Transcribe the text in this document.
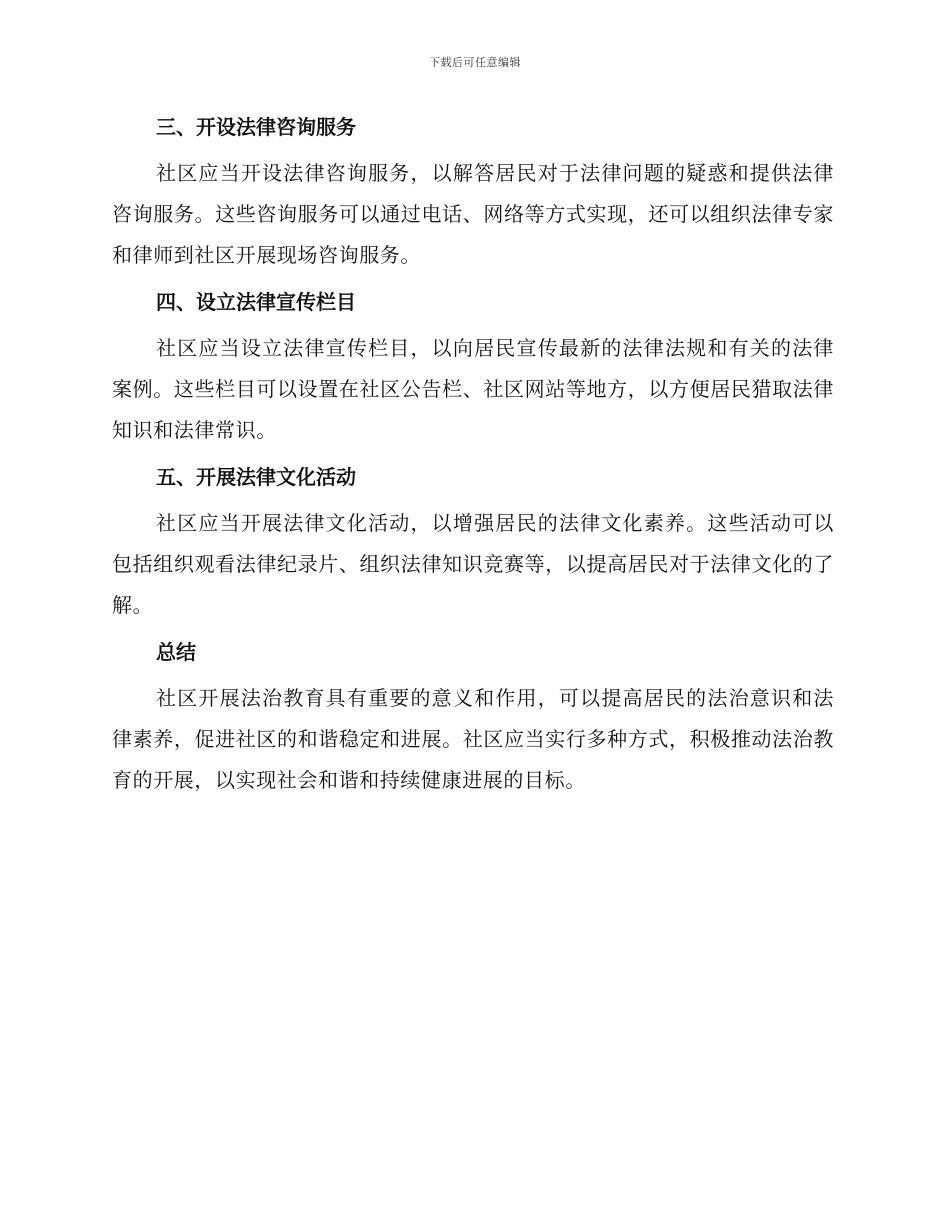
下载后可任意编辑
三、开设法律咨询服务

社区应当开设法律咨询服务，以解答居民对于法律问题的疑惑和提供法律咨询服务。这些咨询服务可以通过电话、网络等方式实现，还可以组织法律专家和律师到社区开展现场咨询服务。

四、设立法律宣传栏目

社区应当设立法律宣传栏目，以向居民宣传最新的法律法规和有关的法律案例。这些栏目可以设置在社区公告栏、社区网站等地方，以方便居民猎取法律知识和法律常识。

五、开展法律文化活动

社区应当开展法律文化活动，以增强居民的法律文化素养。这些活动可以包括组织观看法律纪录片、组织法律知识竞赛等，以提高居民对于法律文化的了解。

总结

社区开展法治教育具有重要的意义和作用，可以提高居民的法治意识和法律素养，促进社区的和谐稳定和进展。社区应当实行多种方式，积极推动法治教育的开展，以实现社会和谐和持续健康进展的目标。
